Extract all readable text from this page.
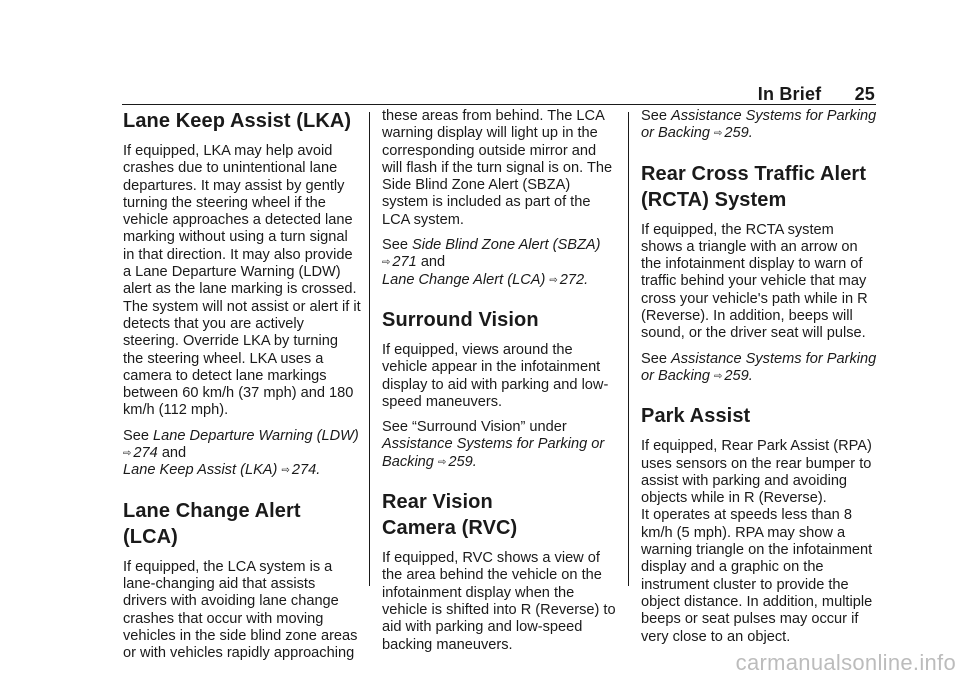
In Brief 25
Lane Keep Assist (LKA)

If equipped, LKA may help avoid crashes due to unintentional lane departures. It may assist by gently turning the steering wheel if the vehicle approaches a detected lane marking without using a turn signal in that direction. It may also provide a Lane Departure Warning (LDW) alert as the lane marking is crossed. The system will not assist or alert if it detects that you are actively steering. Override LKA by turning the steering wheel. LKA uses a camera to detect lane markings between 60 km/h (37 mph) and 180 km/h (112 mph).

See Lane Departure Warning (LDW)
⇨ 274 and
Lane Keep Assist (LKA) ⇨ 274.

Lane Change Alert (LCA)

If equipped, the LCA system is a lane-changing aid that assists drivers with avoiding lane change crashes that occur with moving vehicles in the side blind zone areas or with vehicles rapidly approaching

these areas from behind. The LCA warning display will light up in the corresponding outside mirror and will flash if the turn signal is on. The Side Blind Zone Alert (SBZA) system is included as part of the LCA system.

See Side Blind Zone Alert (SBZA)
⇨ 271 and
Lane Change Alert (LCA) ⇨ 272.

Surround Vision

If equipped, views around the vehicle appear in the infotainment display to aid with parking and low-speed maneuvers.

See “Surround Vision” under
Assistance Systems for Parking or Backing ⇨ 259.

Rear Vision
Camera (RVC)

If equipped, RVC shows a view of the area behind the vehicle on the infotainment display when the vehicle is shifted into R (Reverse) to aid with parking and low-speed backing maneuvers.

See Assistance Systems for Parking or Backing ⇨ 259.

Rear Cross Traffic Alert
(RCTA) System

If equipped, the RCTA system shows a triangle with an arrow on the infotainment display to warn of traffic behind your vehicle that may cross your vehicle's path while in R (Reverse). In addition, beeps will sound, or the driver seat will pulse.

See Assistance Systems for Parking or Backing ⇨ 259.

Park Assist

If equipped, Rear Park Assist (RPA) uses sensors on the rear bumper to assist with parking and avoiding objects while in R (Reverse).

It operates at speeds less than 8 km/h (5 mph). RPA may show a warning triangle on the infotainment display and a graphic on the instrument cluster to provide the object distance. In addition, multiple beeps or seat pulses may occur if very close to an object.

carmanualsonline.info
